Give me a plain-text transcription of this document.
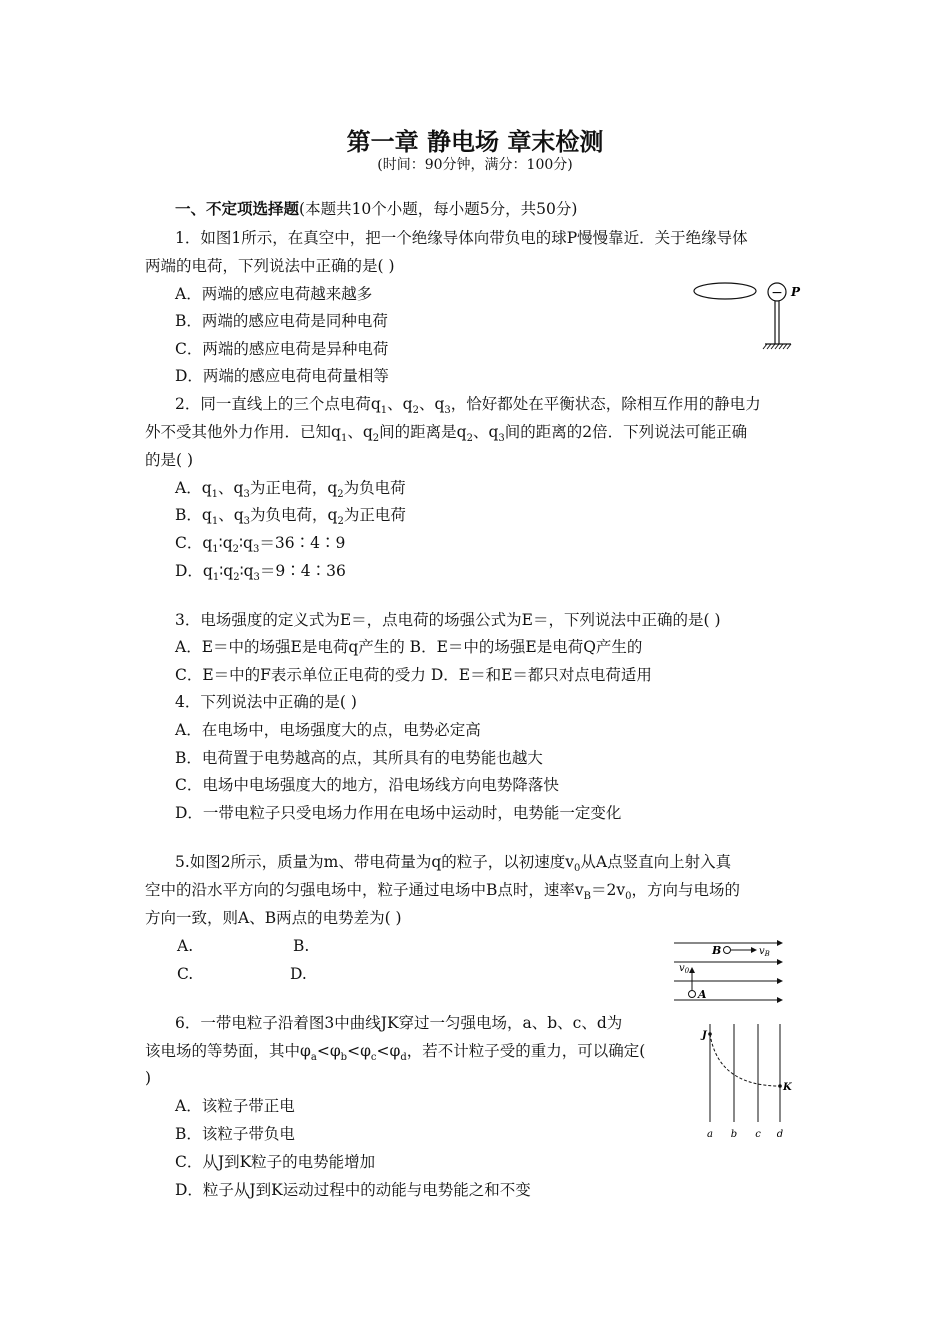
第一章 静电场 章末检测
(时间：90分钟，满分：100分)
一、不定项选择题(本题共10个小题，每小题5分，共50分)
1．如图1所示，在真空中，把一个绝缘导体向带负电的球P慢慢靠近．关于绝缘导体
两端的电荷，下列说法中正确的是( )
A．两端的感应电荷越来越多
B．两端的感应电荷是同种电荷
C．两端的感应电荷是异种电荷
D．两端的感应电荷电荷量相等
− P
2．同一直线上的三个点电荷$q_1$、$q_2$、$q_3$，恰好都处在平衡状态，除相互作用的静电力
外不受其他外力作用．已知$q_1$、$q_2$间的距离是$q_2$、$q_3$间的距离的2倍．下列说法可能正确
的是( )
A．$q_1$、$q_3$为正电荷，$q_2$为负电荷
B．$q_1$、$q_3$为负电荷，$q_2$为正电荷
C．$q_1∶q_2∶q_3=36∶4∶9$
D．$q_1∶q_2∶q_3=9∶4∶36$
3．电场强度的定义式为E＝，点电荷的场强公式为E＝，下列说法中正确的是( )
A．E＝中的场强E是电荷q产生的 B．E＝中的场强E是电荷Q产生的
C．E＝中的F表示单位正电荷的受力 D．E＝和E＝都只对点电荷适用
4．下列说法中正确的是( )
A．在电场中，电场强度大的点，电势必定高
B．电荷置于电势越高的点，其所具有的电势能也越大
C．电场中电场强度大的地方，沿电场线方向电势降落快
D．一带电粒子只受电场力作用在电场中运动时，电势能一定变化
5.如图2所示，质量为m、带电荷量为q的粒子，以初速度$v_0$从A点竖直向上射入真
空中的沿水平方向的匀强电场中，粒子通过电场中B点时，速率$v_B=2v_0$，方向与电场的
方向一致，则A、B两点的电势差为( )
A.	B.
C.	D.
B	$v_B$
$v_0$
A
6．一带电粒子沿着图3中曲线JK穿过一匀强电场，a、b、c、d为
该电场的等势面，其中$\varphi_a<\varphi_b<\varphi_c<\varphi_d$，若不计粒子受的重力，可以确定(
)
A．该粒子带正电
B．该粒子带负电
C．从J到K粒子的电势能增加
D．粒子从J到K运动过程中的动能与电势能之和不变
J
K
a b c d
